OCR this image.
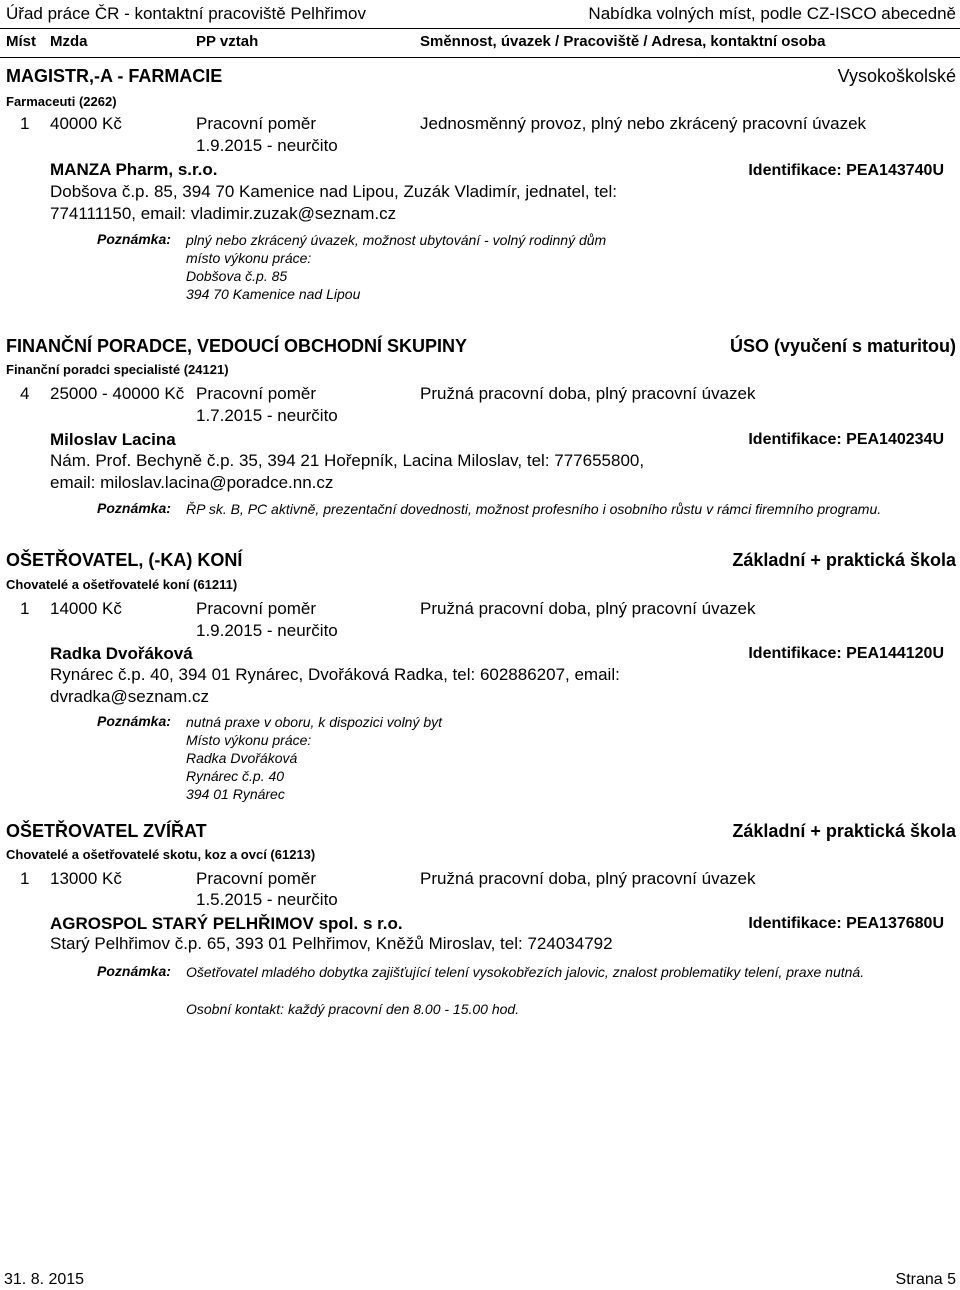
Úřad práce ČR - kontaktní pracoviště Pelhřimov	Nabídka volných míst, podle CZ-ISCO abecedně
Míst Mzda	PP vztah	Směnnost, úvazek / Pracoviště / Adresa, kontaktní osoba
MAGISTR,-A - FARMACIE	Vysokoškolské
Farmaceuti (2262)
1 40000 Kč	Pracovní poměr	Jednosměnný provoz, plný nebo zkrácený pracovní úvazek
1.9.2015 - neurčito
MANZA Pharm, s.r.o.	Identifikace: PEA143740U
Dobšova č.p. 85, 394 70 Kamenice nad Lipou, Zuzák Vladimír, jednatel, tel: 774111150, email: vladimir.zuzak@seznam.cz
Poznámka: plný nebo zkrácený úvazek, možnost ubytování - volný rodinný dům
místo výkonu práce:
Dobšova č.p. 85
394 70 Kamenice nad Lipou
FINANČNÍ PORADCE, VEDOUCÍ OBCHODNÍ SKUPINY	ÚSO (vyučení s maturitou)
Finanční poradci specialisté (24121)
4 25000 - 40000 Kč Pracovní poměr	Pružná pracovní doba, plný pracovní úvazek
1.7.2015 - neurčito
Miloslav Lacina	Identifikace: PEA140234U
Nám. Prof. Bechyně č.p. 35, 394 21 Hořepník, Lacina Miloslav, tel: 777655800, email: miloslav.lacina@poradce.nn.cz
Poznámka: ŘP sk. B, PC aktivně, prezentační dovednosti, možnost profesního i osobního růstu v rámci firemního programu.
OŠETŘOVATEL, (-KA) KONÍ	Základní + praktická škola
Chovatelé a ošetřovatelé koní (61211)
1 14000 Kč	Pracovní poměr	Pružná pracovní doba, plný pracovní úvazek
1.9.2015 - neurčito
Radka Dvořáková	Identifikace: PEA144120U
Rynárec č.p. 40, 394 01 Rynárec, Dvořáková Radka, tel: 602886207, email: dvradka@seznam.cz
Poznámka: nutná praxe v oboru, k dispozici volný byt
Místo výkonu práce:
Radka Dvořáková
Rynárec č.p. 40
394 01 Rynárec
OŠETŘOVATEL ZVÍŘAT	Základní + praktická škola
Chovatelé a ošetřovatelé skotu, koz a ovcí (61213)
1 13000 Kč	Pracovní poměr	Pružná pracovní doba, plný pracovní úvazek
1.5.2015 - neurčito
AGROSPOL STARÝ PELHŘIMOV spol. s r.o.	Identifikace: PEA137680U
Starý Pelhřimov č.p. 65, 393 01 Pelhřimov, Kněžů Miroslav, tel: 724034792
Poznámka: Ošetřovatel mladého dobytka zajišťující telení vysokobřezích jalovic, znalost problematiky telení, praxe nutná.
Osobní kontakt: každý pracovní den 8.00 - 15.00 hod.
31. 8. 2015	Strana 5
